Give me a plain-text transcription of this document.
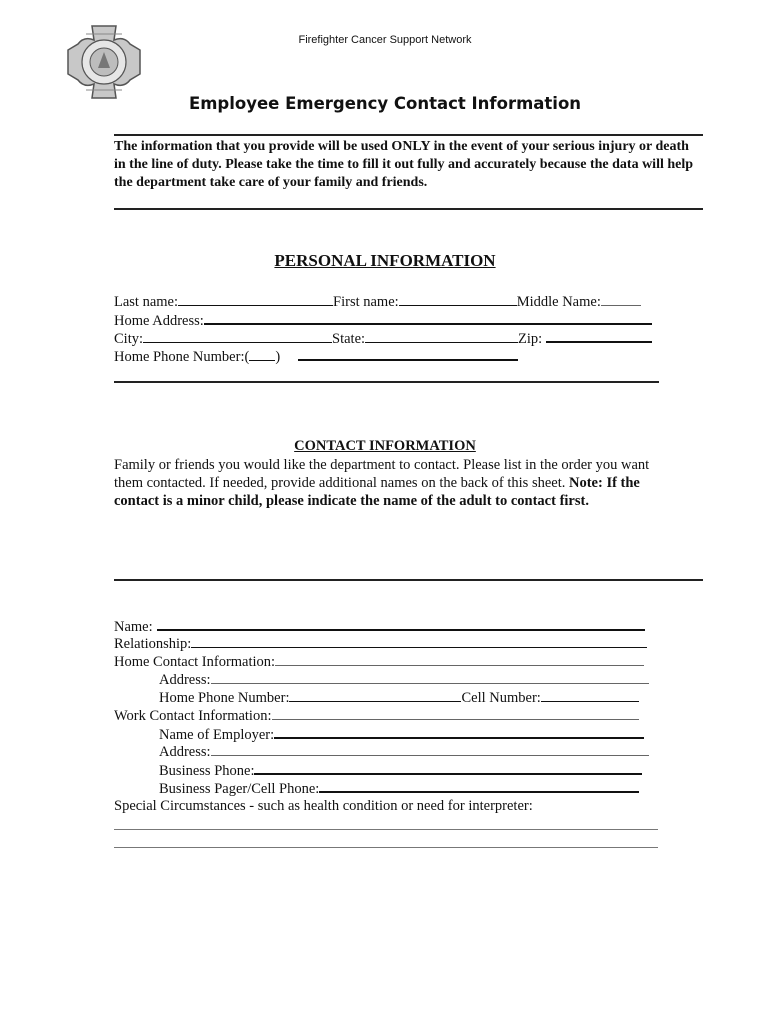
Firefighter Cancer Support Network
Employee Emergency Contact Information
The information that you provide will be used ONLY in the event of your serious injury or death in the line of duty. Please take the time to fill it out fully and accurately because the data will help the department take care of your family and friends.
PERSONAL INFORMATION
Last name:	First name:	Middle Name:
Home Address:
City:	State:	Zip:
Home Phone Number:( )
CONTACT INFORMATION
Family or friends you would like the department to contact. Please list in the order you want them contacted. If needed, provide additional names on the back of this sheet. Note: If the contact is a minor child, please indicate the name of the adult to contact first.
Name:
Relationship:
Home Contact Information:
Address:
Home Phone Number:	Cell Number:
Work Contact Information:
Name of Employer:
Address:
Business Phone:
Business Pager/Cell Phone:
Special Circumstances - such as health condition or need for interpreter:
